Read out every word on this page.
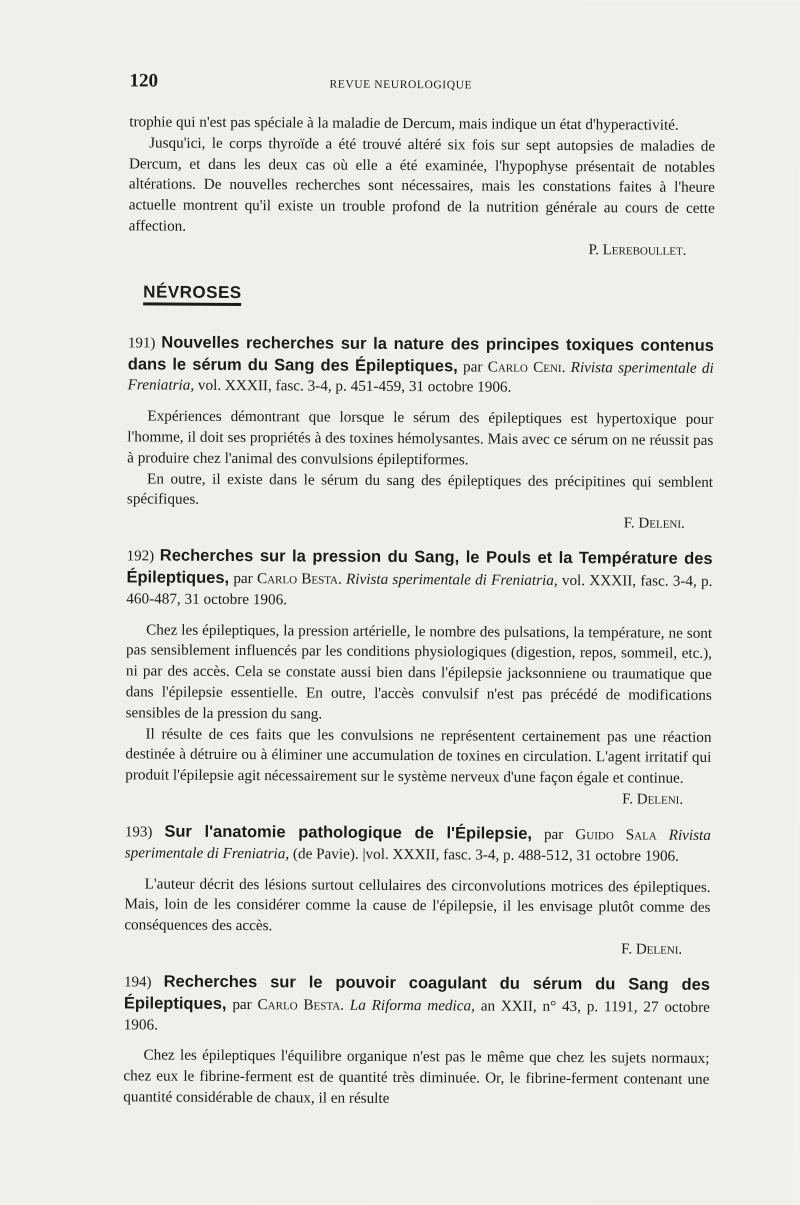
120	REVUE NEUROLOGIQUE

trophie qui n'est pas spéciale à la maladie de Dercum, mais indique un état d'hyperactivité.

Jusqu'ici, le corps thyroïde a été trouvé altéré six fois sur sept autopsies de maladies de Dercum, et dans les deux cas où elle a été examinée, l'hypophyse présentait de notables altérations. De nouvelles recherches sont nécessaires, mais les constations faites à l'heure actuelle montrent qu'il existe un trouble profond de la nutrition générale au cours de cette affection.

P. Lereboullet.

NÉVROSES

191) Nouvelles recherches sur la nature des principes toxiques contenus dans le sérum du Sang des Épileptiques, par Carlo Ceni. Rivista sperimentale di Freniatria, vol. XXXII, fasc. 3-4, p. 451-459, 31 octobre 1906.

Expériences démontrant que lorsque le sérum des épileptiques est hypertoxique pour l'homme, il doit ses propriétés à des toxines hémolysantes. Mais avec ce sérum on ne réussit pas à produire chez l'animal des convulsions épileptiformes.

En outre, il existe dans le sérum du sang des épileptiques des précipitines qui semblent spécifiques.

F. Deleni.

192) Recherches sur la pression du Sang, le Pouls et la Température des Épileptiques, par Carlo Besta. Rivista sperimentale di Freniatria, vol. XXXII, fasc. 3-4, p. 460-487, 31 octobre 1906.

Chez les épileptiques, la pression artérielle, le nombre des pulsations, la température, ne sont pas sensiblement influencés par les conditions physiologiques (digestion, repos, sommeil, etc.), ni par des accès. Cela se constate aussi bien dans l'épilepsie jacksonniene ou traumatique que dans l'épilepsie essentielle. En outre, l'accès convulsif n'est pas précédé de modifications sensibles de la pression du sang.

Il résulte de ces faits que les convulsions ne représentent certainement pas une réaction destinée à détruire ou à éliminer une accumulation de toxines en circulation. L'agent irritatif qui produit l'épilepsie agit nécessairement sur le système nerveux d'une façon égale et continue.

F. Deleni.

193) Sur l'anatomie pathologique de l'Épilepsie, par Guido Sala Rivista sperimentale di Freniatria, (de Pavie). |vol. XXXII, fasc. 3-4, p. 488-512, 31 octobre 1906.

L'auteur décrit des lésions surtout cellulaires des circonvolutions motrices des épileptiques. Mais, loin de les considérer comme la cause de l'épilepsie, il les envisage plutôt comme des conséquences des accès.

F. Deleni.

194) Recherches sur le pouvoir coagulant du sérum du Sang des Épileptiques, par Carlo Besta. La Riforma medica, an XXII, n° 43, p. 1191, 27 octobre 1906.

Chez les épileptiques l'équilibre organique n'est pas le même que chez les sujets normaux; chez eux le fibrine-ferment est de quantité très diminuée. Or, le fibrine-ferment contenant une quantité considérable de chaux, il en résulte
